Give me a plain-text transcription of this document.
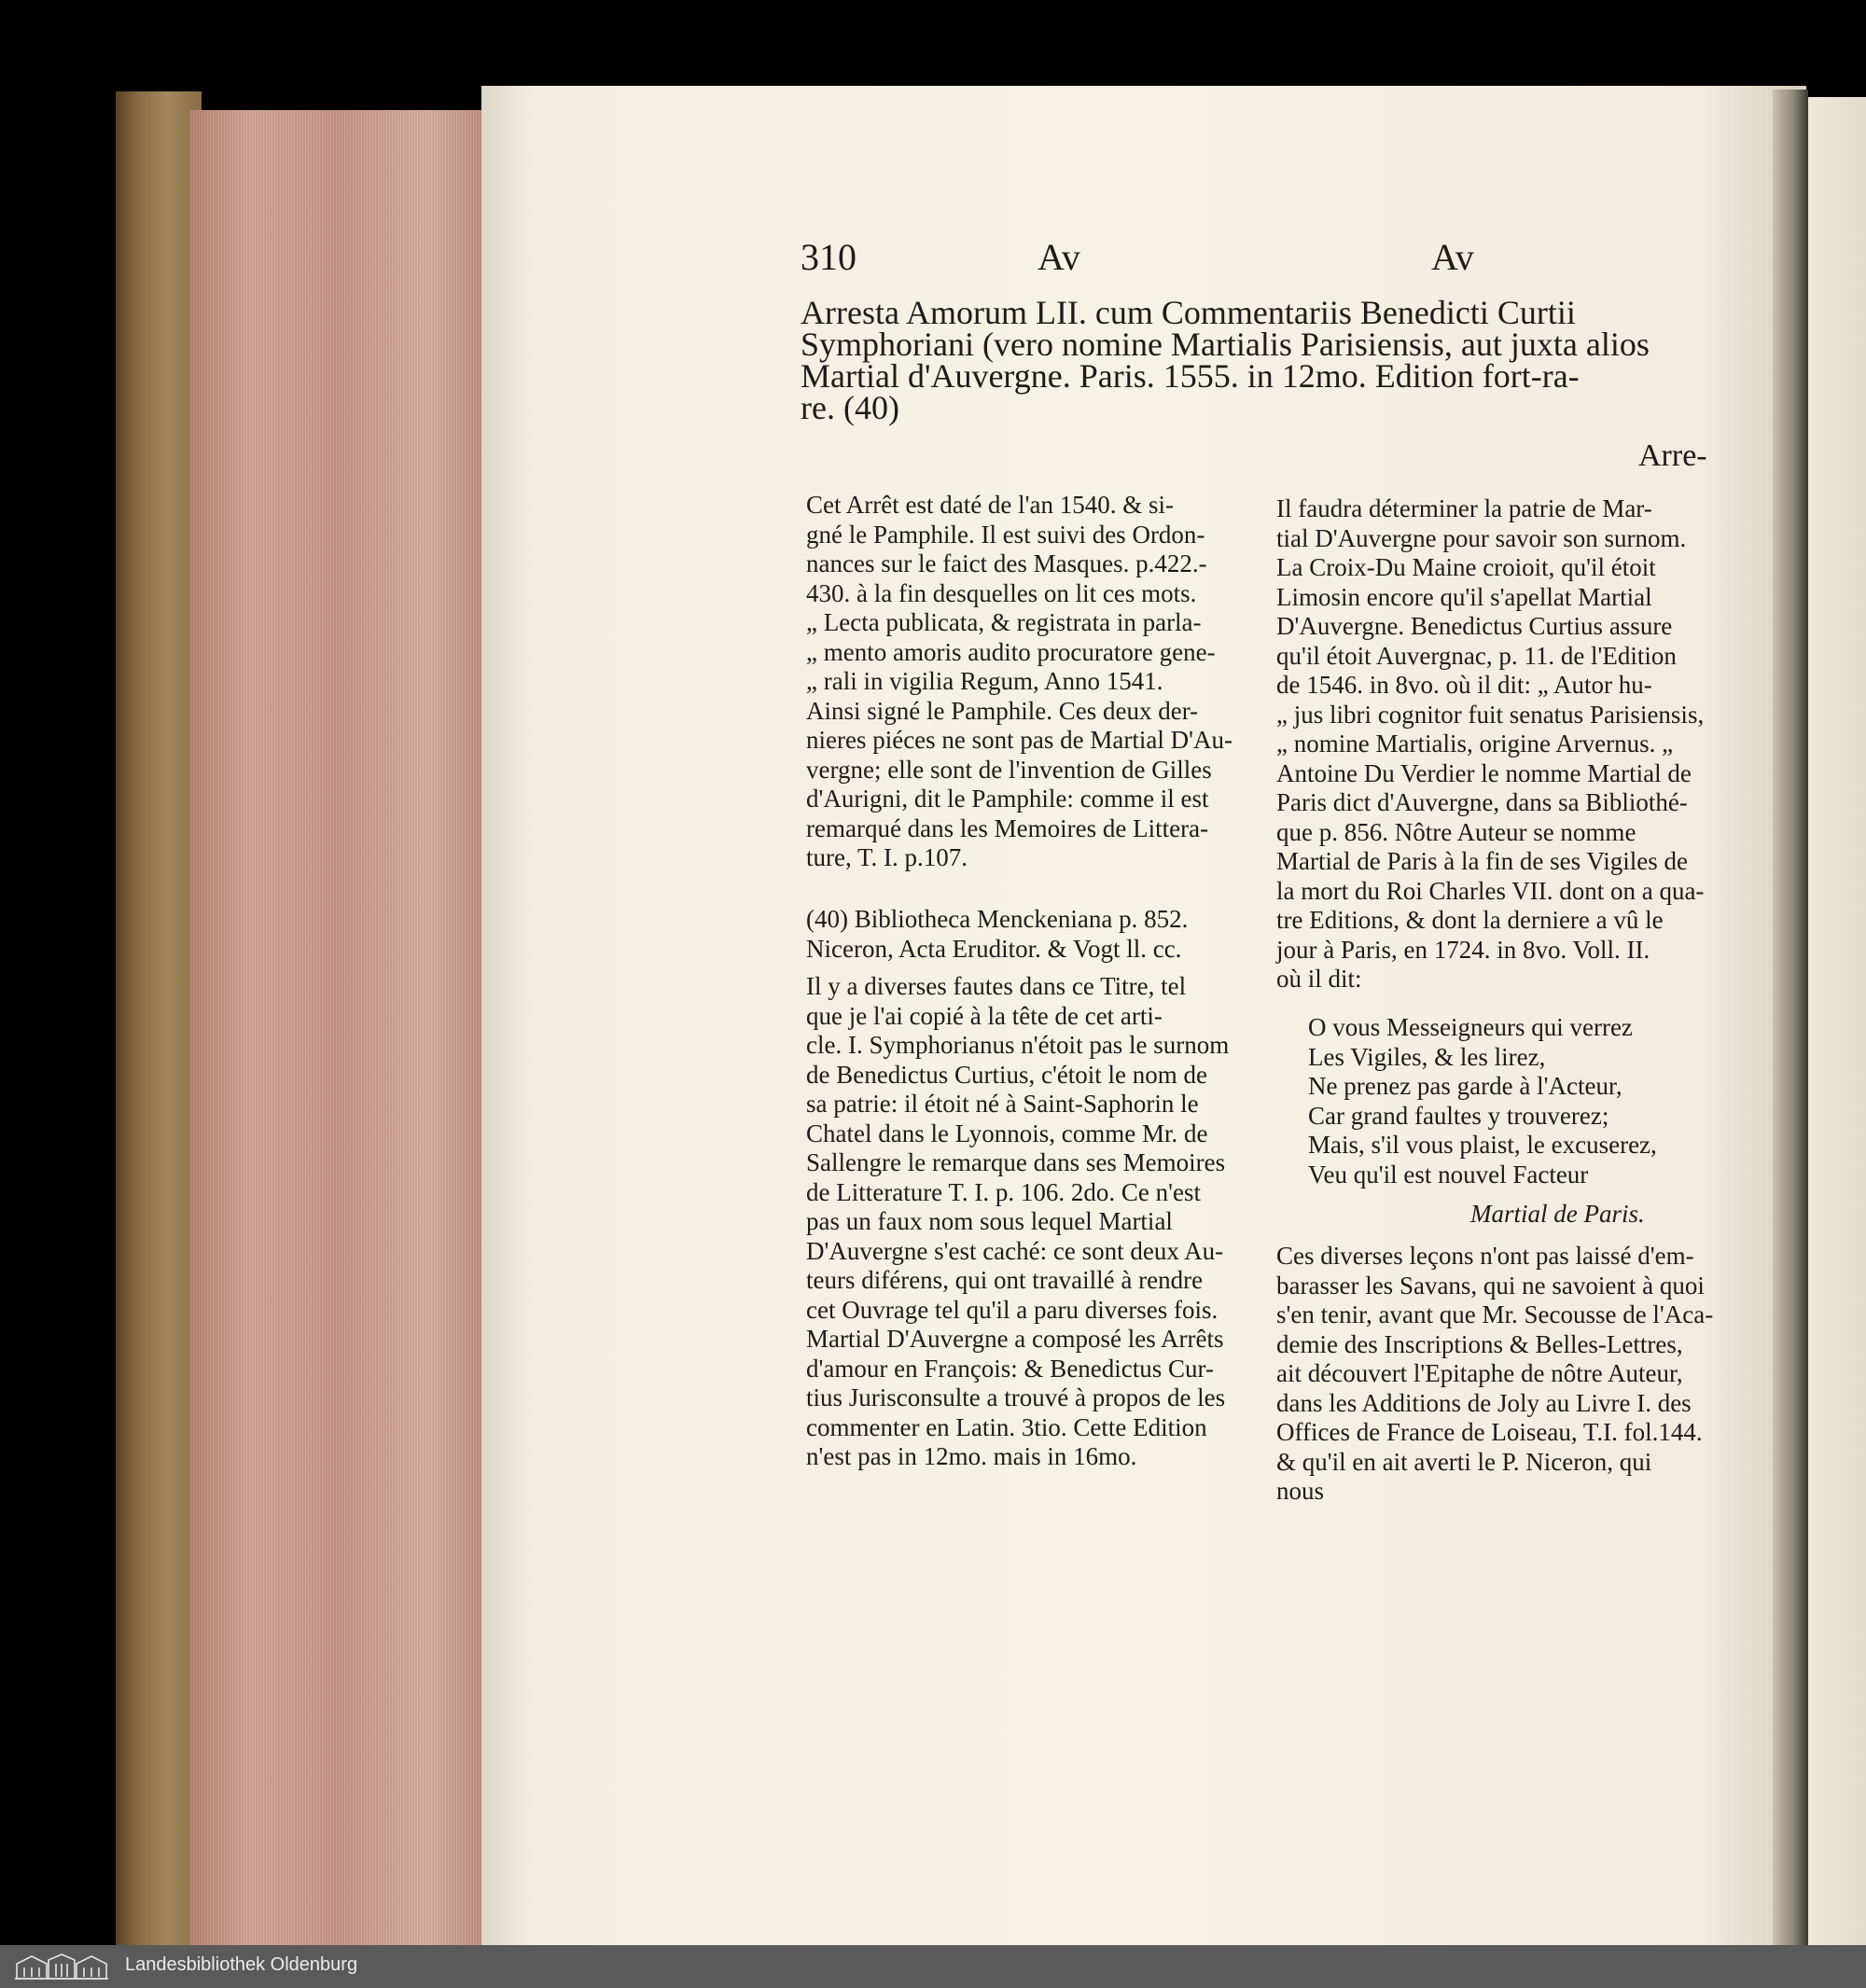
310	Av	Av
Arresta Amorum LII. cum Commentariis Benedicti Curtii
Symphoriani (vero nomine Martialis Parisiensis, aut juxta alios
Martial d'Auvergne. Paris. 1555. in 12mo. Edition fort-ra-
re. (40)
Arre-
Cet Arrêt est daté de l'an 1540. & si-
gné le Pamphile. Il est suivi des Ordon-
nances sur le faict des Masques. p.422.-
430. à la fin desquelles on lit ces mots.
„ Lecta publicata, & registrata in parla-
„ mento amoris audito procuratore gene-
„ rali in vigilia Regum, Anno 1541.
Ainsi signé le Pamphile. Ces deux der-
nieres piéces ne sont pas de Martial D'Au-
vergne; elle sont de l'invention de Gilles
d'Aurigni, dit le Pamphile: comme il est
remarqué dans les Memoires de Littera-
ture, T. I. p.107.
(40) Bibliotheca Menckeniana p. 852.
Niceron, Acta Eruditor. & Vogt ll. cc.
Il y a diverses fautes dans ce Titre, tel
que je l'ai copié à la tête de cet arti-
cle. I. Symphorianus n'étoit pas le surnom
de Benedictus Curtius, c'étoit le nom de
sa patrie: il étoit né à Saint-Saphorin le
Chatel dans le Lyonnois, comme Mr. de
Sallengre le remarque dans ses Memoires
de Litterature T. I. p. 106. 2do. Ce n'est
pas un faux nom sous lequel Martial
D'Auvergne s'est caché: ce sont deux Au-
teurs diférens, qui ont travaillé à rendre
cet Ouvrage tel qu'il a paru diverses fois.
Martial D'Auvergne a composé les Arrêts
d'amour en François: & Benedictus Cur-
tius Jurisconsulte a trouvé à propos de les
commenter en Latin. 3tio. Cette Edition
n'est pas in 12mo. mais in 16mo.
Il faudra déterminer la patrie de Mar-
tial D'Auvergne pour savoir son surnom.
La Croix-Du Maine croioit, qu'il étoit
Limosin encore qu'il s'apellat Martial
D'Auvergne. Benedictus Curtius assure
qu'il étoit Auvergnac, p. 11. de l'Edition
de 1546. in 8vo. où il dit: „ Autor hu-
„ jus libri cognitor fuit senatus Parisiensis,
„ nomine Martialis, origine Arvernus. „
Antoine Du Verdier le nomme Martial de
Paris dict d'Auvergne, dans sa Bibliothé-
que p. 856. Nôtre Auteur se nomme
Martial de Paris à la fin de ses Vigiles de
la mort du Roi Charles VII. dont on a qua-
tre Editions, & dont la derniere a vû le
jour à Paris, en 1724. in 8vo. Voll. II.
où il dit:
O vous Messeigneurs qui verrez
Les Vigiles, & les lirez,
Ne prenez pas garde à l'Acteur,
Car grand faultes y trouverez;
Mais, s'il vous plaist, le excuserez,
Veu qu'il est nouvel Facteur
Martial de Paris.
Ces diverses leçons n'ont pas laissé d'em-
barasser les Savans, qui ne savoient à quoi
s'en tenir, avant que Mr. Secousse de l'Aca-
demie des Inscriptions & Belles-Lettres,
ait découvert l'Epitaphe de nôtre Auteur,
dans les Additions de Joly au Livre I. des
Offices de France de Loiseau, T.I. fol.144.
& qu'il en ait averti le P. Niceron, qui
nous
Landesbibliothek Oldenburg
